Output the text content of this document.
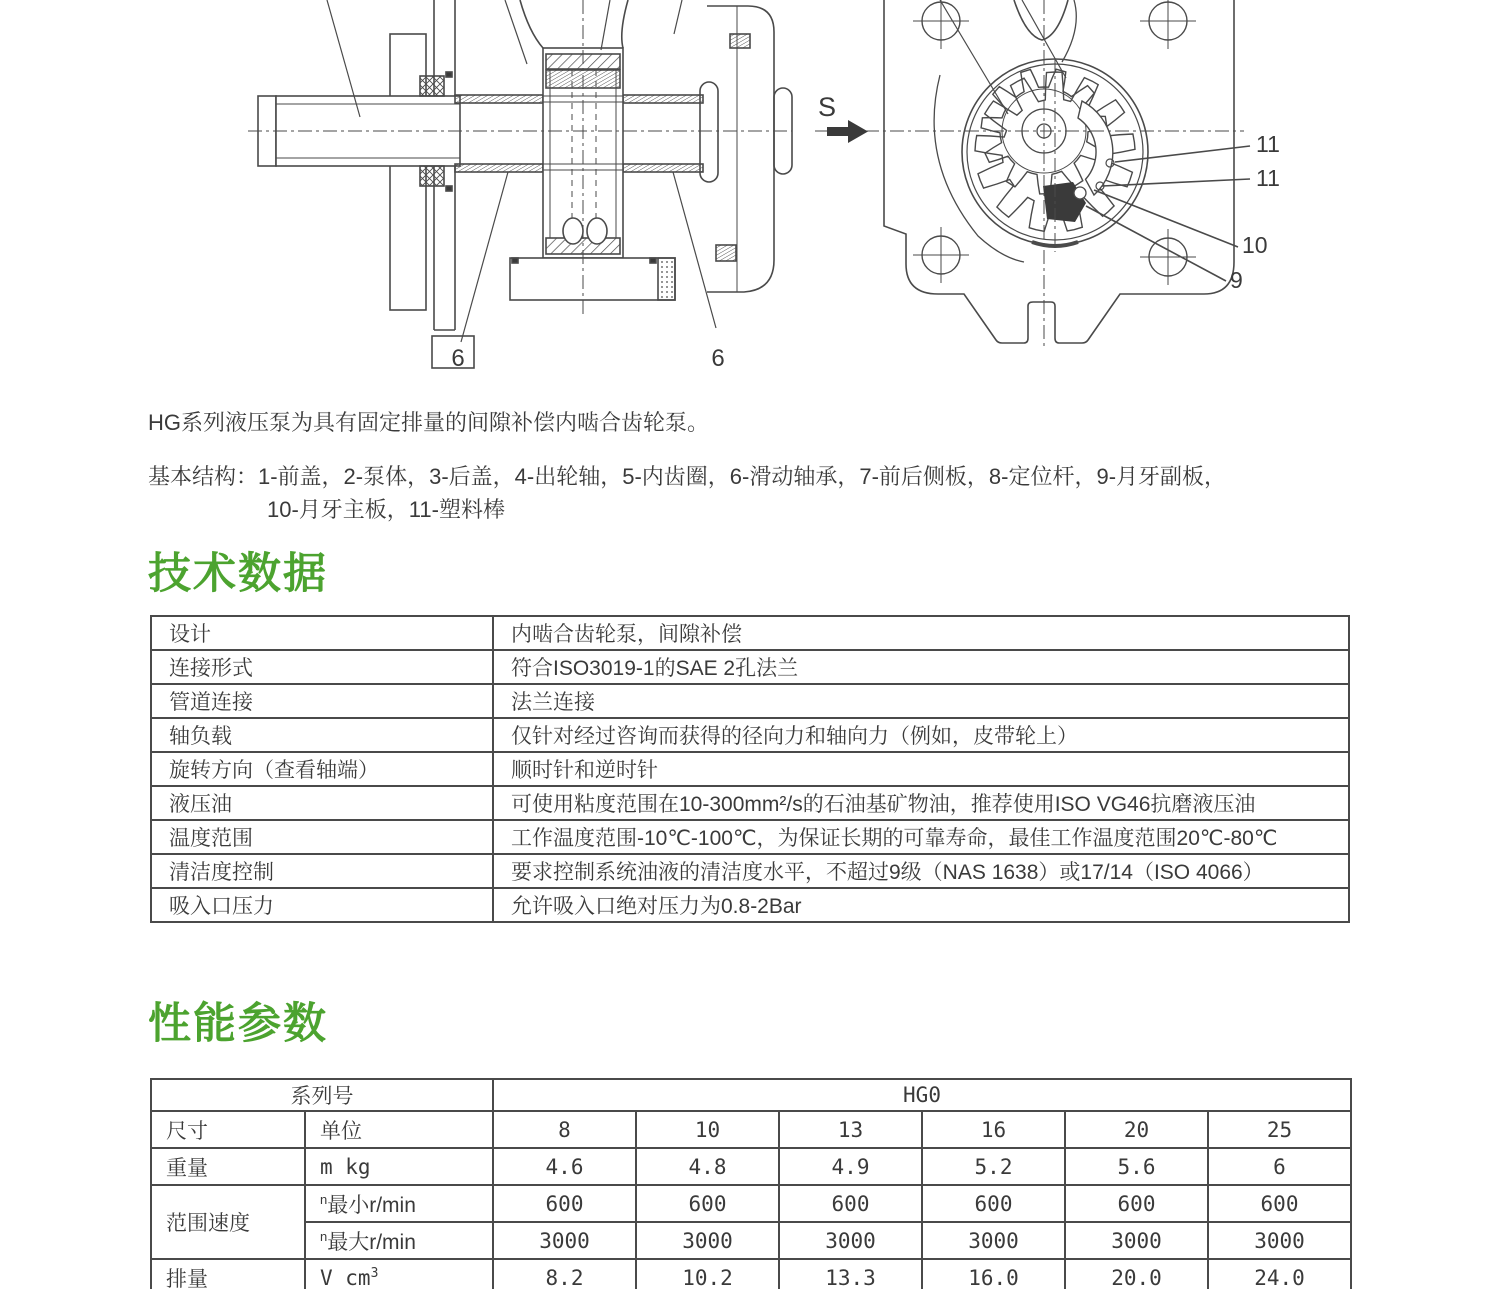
6	6
S
11
11
10
9

HG系列液压泵为具有固定排量的间隙补偿内啮合齿轮泵。

基本结构：1-前盖，2-泵体，3-后盖，4-出轮轴，5-内齿圈，6-滑动轴承，7-前后侧板，8-定位杆，9-月牙副板，
10-月牙主板，11-塑料棒
技术数据
设计	内啮合齿轮泵，间隙补偿
连接形式	符合ISO3019-1的SAE 2孔法兰
管道连接	法兰连接
轴负载	仅针对经过咨询而获得的径向力和轴向力（例如，皮带轮上）
旋转方向（查看轴端）	顺时针和逆时针
液压油	可使用粘度范围在10-300mm²/s的石油基矿物油，推荐使用ISO VG46抗磨液压油
温度范围	工作温度范围-10℃-100℃，为保证长期的可靠寿命，最佳工作温度范围20℃-80℃
清洁度控制	要求控制系统油液的清洁度水平，不超过9级（NAS 1638）或17/14（ISO 4066）
吸入口压力	允许吸入口绝对压力为0.8-2Bar
性能参数
系列号		HG0					
尺寸	单位	8	10	13	16	20	25
重量	m kg	4.6	4.8	4.9	5.2	5.6	6
范围速度	$^n$最小r/min	600	600	600	600	600	600
	$^n$最大r/min	3000	3000	3000	3000	3000	3000
排量	V $cm^3$	8.2	10.2	13.3	16.0	20.0	24.0
